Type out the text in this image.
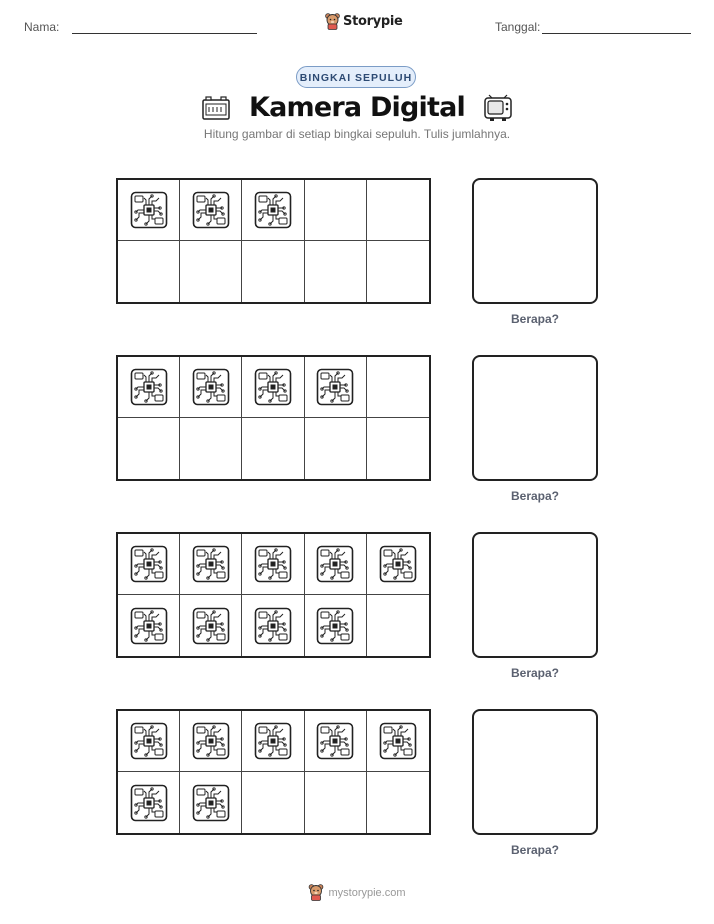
Nama:	Storypie	Tanggal:
BINGKAI SEPULUH
Kamera Digital
Hitung gambar di setiap bingkai sepuluh. Tulis jumlahnya.
Berapa?
Berapa?
Berapa?
Berapa?
mystorypie.com
